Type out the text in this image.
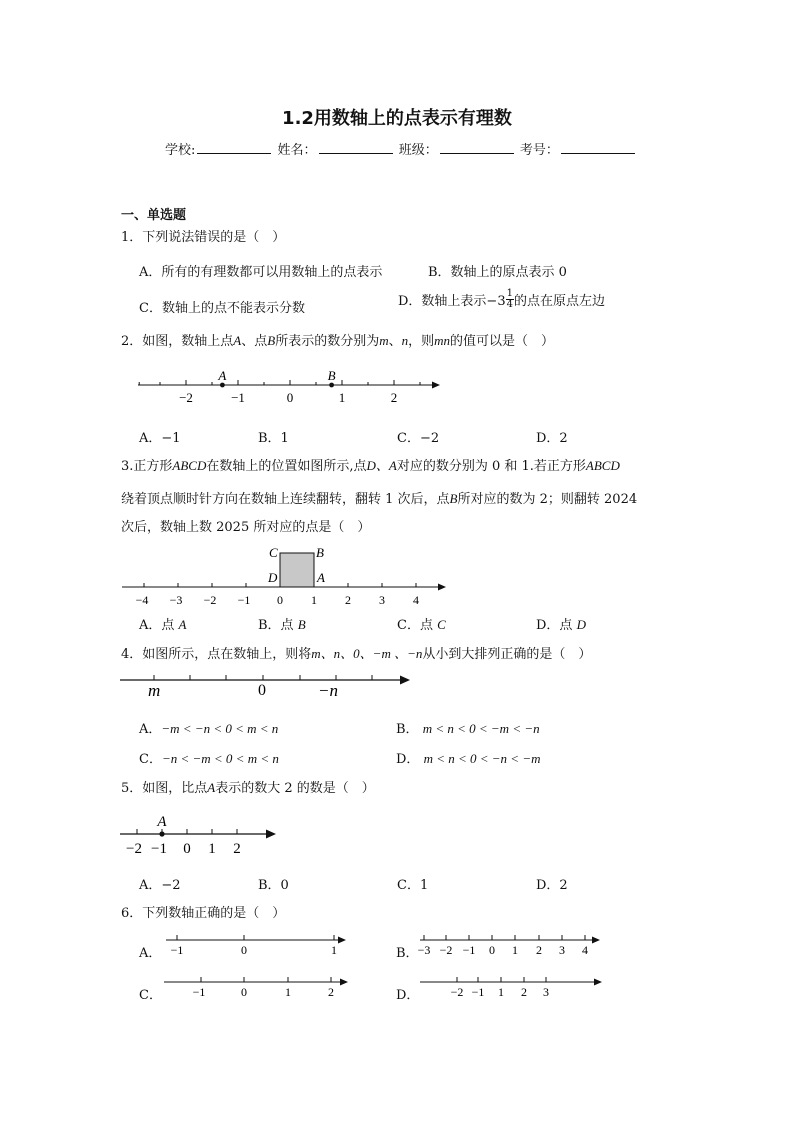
1.2用数轴上的点表示有理数
学校:	姓名：	班级：	考号：
一、单选题
1．下列说法错误的是（　）
A．所有的有理数都可以用数轴上的点表示	B．数轴上的原点表示 0
C．数轴上的点不能表示分数	D．数轴上表示$-3 \frac{1}{4}$ 的点在原点左边
2．如图，数轴上点A、点B所表示的数分别为m、n，则mn的值可以是（　）
−2	−1	0	1	2
A	B
A．−1	B．1	C．−2	D．2
3.正方形ABCD在数轴上的位置如图所示,点D、A对应的数分别为 0 和 1.若正方形ABCD
绕着顶点顺时针方向在数轴上连续翻转，翻转 1 次后，点B所对应的数为 2；则翻转 2024
次后，数轴上数 2025 所对应的点是（　）
C	B
D	A
−4 −3 −2 −1 0 1 2 3 4
A．点 A	B．点 B	C．点 C	D．点 D
4．如图所示，点在数轴上，则将m、n、0、−m 、−n从小到大排列正确的是（　）
m	0	−n
A．−m < −n < 0 < m < n	B． m < n < 0 < −m < −n
C．−n < −m < 0 < m < n	D． m < n < 0 < −n < −m
5．如图，比点A表示的数大 2 的数是（　）
−2 −1 0 1 2
A
A．−2	B．0	C．1	D．2
6．下列数轴正确的是（　）
A． −1	0	1	B． −3 −2 −1 0 1 2 3 4
C．	−1	0	1	2	D．	−2 −1 1 2 3
